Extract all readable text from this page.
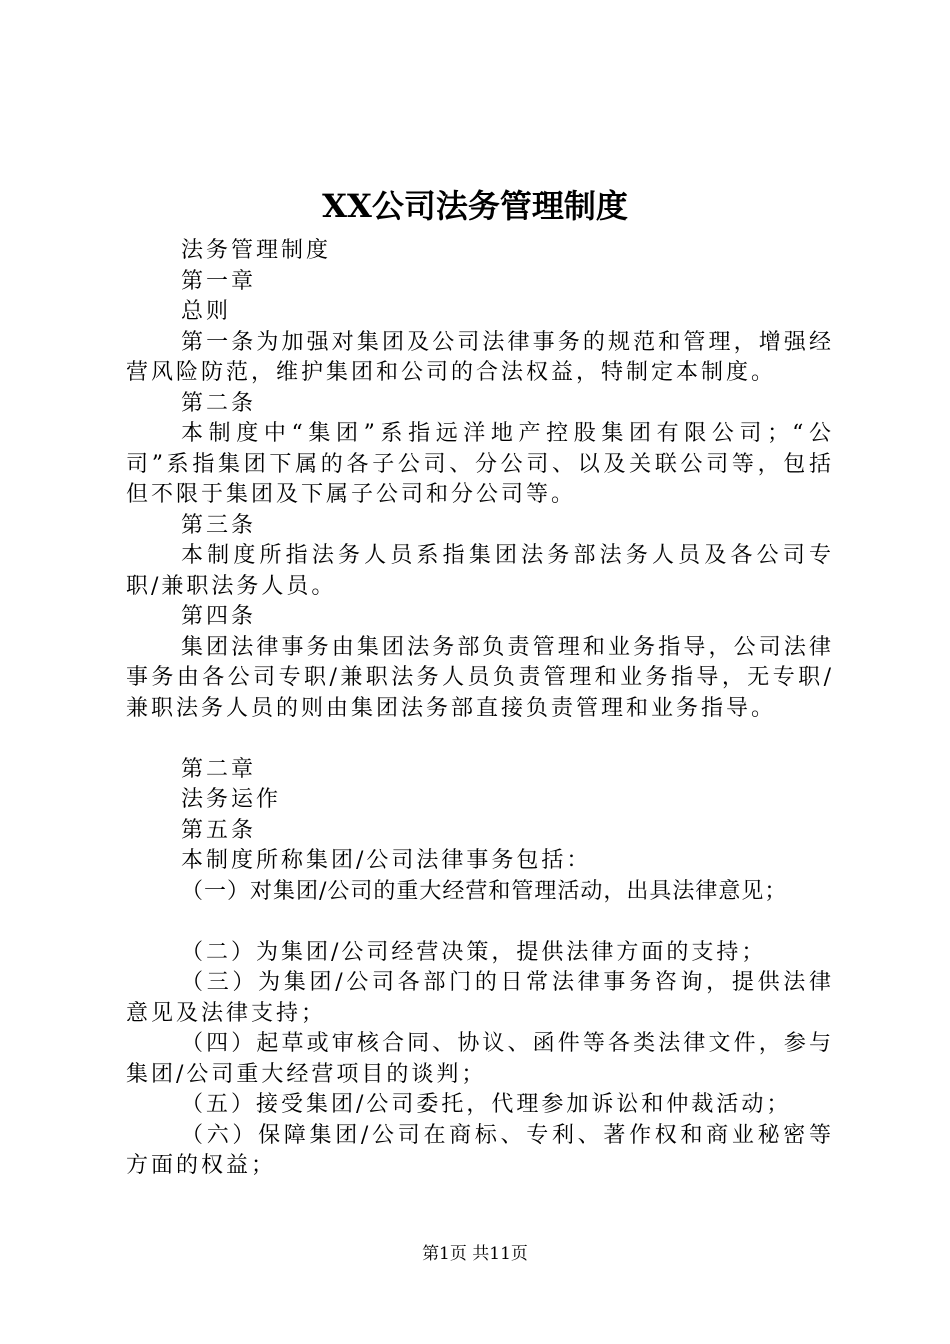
XX公司法务管理制度

法务管理制度

第一章

总则

第一条为加强对集团及公司法律事务的规范和管理，增强经营风险防范，维护集团和公司的合法权益，特制定本制度。

第二条

本制度中“集团”系指远洋地产控股集团有限公司；“公司”系指集团下属的各子公司、分公司、以及关联公司等，包括但不限于集团及下属子公司和分公司等。

第三条

本制度所指法务人员系指集团法务部法务人员及各公司专职/兼职法务人员。

第四条

集团法律事务由集团法务部负责管理和业务指导，公司法律事务由各公司专职/兼职法务人员负责管理和业务指导，无专职/兼职法务人员的则由集团法务部直接负责管理和业务指导。

第二章

法务运作

第五条

本制度所称集团/公司法律事务包括：

（一）对集团/公司的重大经营和管理活动，出具法律意见；

（二）为集团/公司经营决策，提供法律方面的支持；

（三）为集团/公司各部门的日常法律事务咨询，提供法律意见及法律支持；

（四）起草或审核合同、协议、函件等各类法律文件，参与集团/公司重大经营项目的谈判；

（五）接受集团/公司委托，代理参加诉讼和仲裁活动；

（六）保障集团/公司在商标、专利、著作权和商业秘密等方面的权益；

第1页 共11页
